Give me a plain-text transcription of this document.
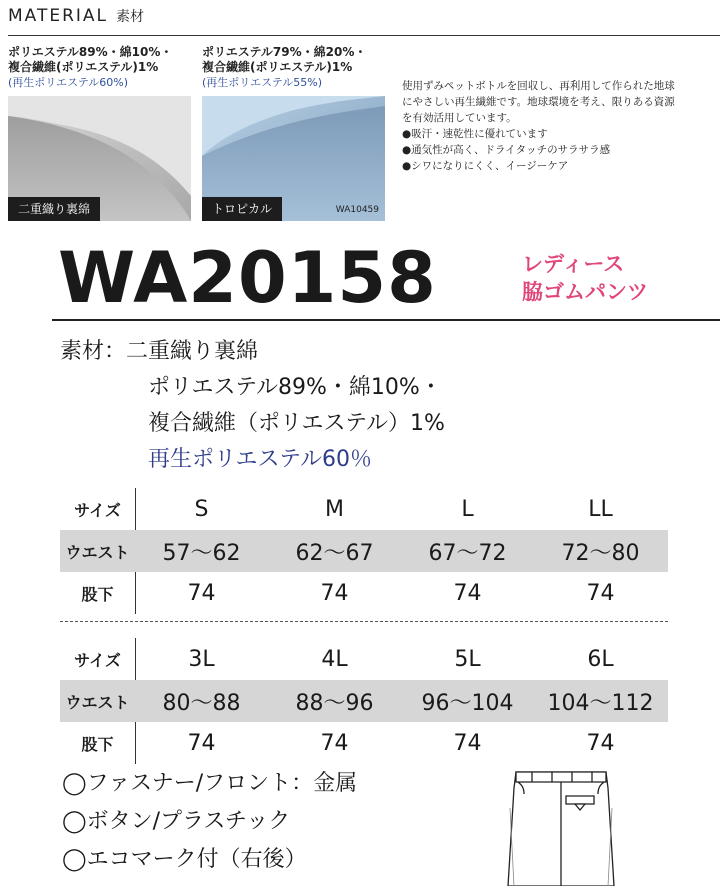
MATERIAL 素材
ポリエステル89%・綿10%・
複合繊維(ポリエステル)1%
(再生ポリエステル60%)
二重織り裏綿
ポリエステル79%・綿20%・
複合繊維(ポリエステル)1%
(再生ポリエステル55%)
トロピカル	WA10459

使用ずみペットボトルを回収し、再利用して作られた地球

にやさしい再生繊維です。地球環境を考え、限りある資源

を有効活用しています。

●吸汗・速乾性に優れています

●通気性が高く、ドライタッチのサラサラ感

●シワになりにくく、イージーケア

WA20158	レディース
脇ゴムパンツ
素材：二重織り裏綿
ポリエステル89%・綿10%・
複合繊維（ポリエステル）1%
再生ポリエステル60％
サイズ	S	M	L	LL
ウエスト	57〜62	62〜67	67〜72	72〜80
股下	74	74	74	74
サイズ	3L	4L	5L	6L
ウエスト	80〜88	88〜96	96〜104	104〜112
股下	74	74	74	74
◯ファスナー/フロント：金属
◯ボタン/プラスチック
◯エコマーク付（右後）
